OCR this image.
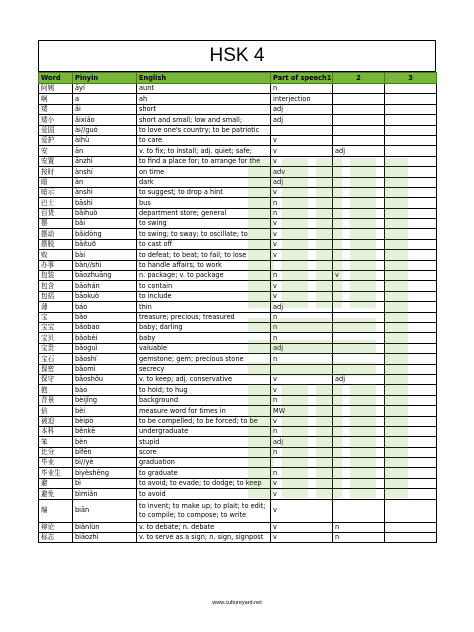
HSK 4
Word	Pinyin	English	Part of speech1	2	3
阿姨	āyí	aunt	n		
啊	a	ah	interjection		
矮	ǎi	short	adj		
矮小	ǎixiǎo	short and small; low and small;	adj		
爱国	ài//guó	to love one's country; to be patriotic			
爱护	àihù	to care	v		
安	ān	v. to fix; to install; adj. quiet; safe;	v	adj	
安置	ānzhì	to find a place for; to arrange for the	v		
按时	ànshí	on time	adv		
暗	àn	dark	adj		
暗示	ànshì	to suggest; to drop a hint	v		
巴士	bāshì	bus	n		
百货	bǎihuò	department store; general	n		
摆	bǎi	to swing	v		
摆动	bǎidòng	to swing; to sway; to oscillate; to	v		
摆脱	bǎituō	to cast off	v		
败	bài	to defeat; to beat; to fail; to lose	v		
办事	bàn//shì	to handle affairs; to work			
包装	bāozhuāng	n. package; v. to package	n	v	
包含	bāohán	to contain	v		
包括	bāokuò	to include	v		
薄	báo	thin	adj		
宝	bǎo	treasure; precious; treasured	n		
宝宝	bǎobao	baby; darling	n		
宝贝	bǎobèi	baby	n		
宝贵	bǎoguì	valuable	adj		
宝石	bǎoshí	gemstone; gem; precious stone	n		
保密	bǎomì	secrecy			
保守	bǎoshǒu	v. to keep; adj. conservative	v	adj	
抱	bào	to hold; to hug	v		
背景	bèijǐng	background	n		
倍	bèi	measure word for times in	MW		
被迫	bèipò	to be compelled; to be forced; to be	v		
本科	běnkē	undergraduate	n		
笨	bèn	stupid	adj		
比分	bǐfēn	score	n		
毕业	bì//yè	graduation			
毕业生	bìyèshēng	to graduate	n		
避	bì	to avoid; to evade; to dodge; to keep	v		
避免	bìmiǎn	to avoid	v		
编	biān	to invent; to make up; to plait; to edit; to compile; to compose; to write	v		
辩论	biànlùn	v. to debate; n. debate	v	n	
标志	biāozhì	v. to serve as a sign; n. sign, signpost	v	n	
www.cultureyard.net
